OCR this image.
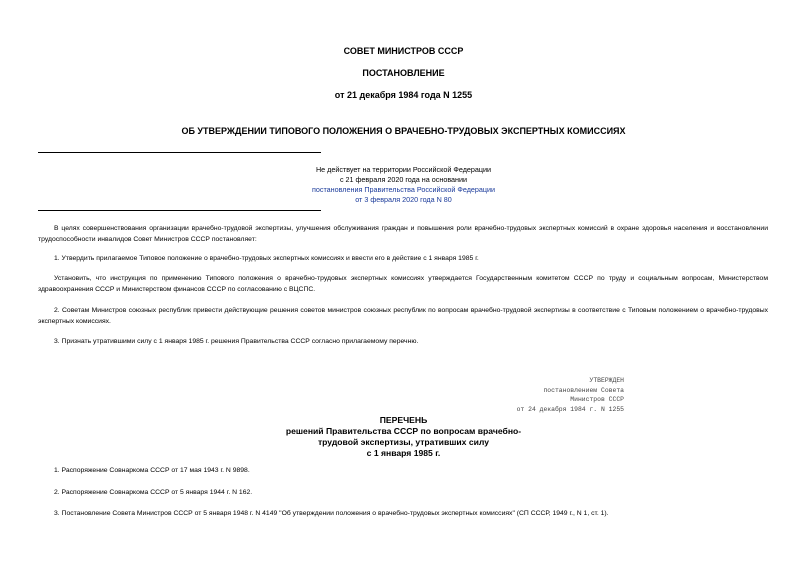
СОВЕТ МИНИСТРОВ СССР
ПОСТАНОВЛЕНИЕ
от 21 декабря 1984 года N 1255
ОБ УТВЕРЖДЕНИИ ТИПОВОГО ПОЛОЖЕНИЯ О ВРАЧЕБНО-ТРУДОВЫХ ЭКСПЕРТНЫХ КОМИССИЯХ
Не действует на территории Российской Федерации
с 21 февраля 2020 года на основании
постановления Правительства Российской Федерации
от 3 февраля 2020 года N 80
В целях совершенствования организации врачебно-трудовой экспертизы, улучшения обслуживания граждан и повышения роли врачебно-трудовых экспертных комиссий в охране здоровья населения и восстановлении трудоспособности инвалидов Совет Министров СССР постановляет:
1. Утвердить прилагаемое Типовое положение о врачебно-трудовых экспертных комиссиях и ввести его в действие с 1 января 1985 г.
Установить, что инструкция по применению Типового положения о врачебно-трудовых экспертных комиссиях утверждается Государственным комитетом СССР по труду и социальным вопросам, Министерством здравоохранения СССР и Министерством финансов СССР по согласованию с ВЦСПС.
2. Советам Министров союзных республик привести действующие решения советов министров союзных республик по вопросам врачебно-трудовой экспертизы в соответствие с Типовым положением о врачебно-трудовых экспертных комиссиях.
3. Признать утратившими силу с 1 января 1985 г. решения Правительства СССР согласно прилагаемому перечню.
УТВЕРЖДЕН
постановлением Совета
Министров СССР
от 24 декабря 1984 г. N 1255
ПЕРЕЧЕНЬ
решений Правительства СССР по вопросам врачебно-
трудовой экспертизы, утративших силу
с 1 января 1985 г.
1. Распоряжение Совнаркома СССР от 17 мая 1943 г. N 9898.
2. Распоряжение Совнаркома СССР от 5 января 1944 г. N 162.
3. Постановление Совета Министров СССР от 5 января 1948 г. N 4149 "Об утверждении положения о врачебно-трудовых экспертных комиссиях" (СП СССР, 1949 г., N 1, ст. 1).
